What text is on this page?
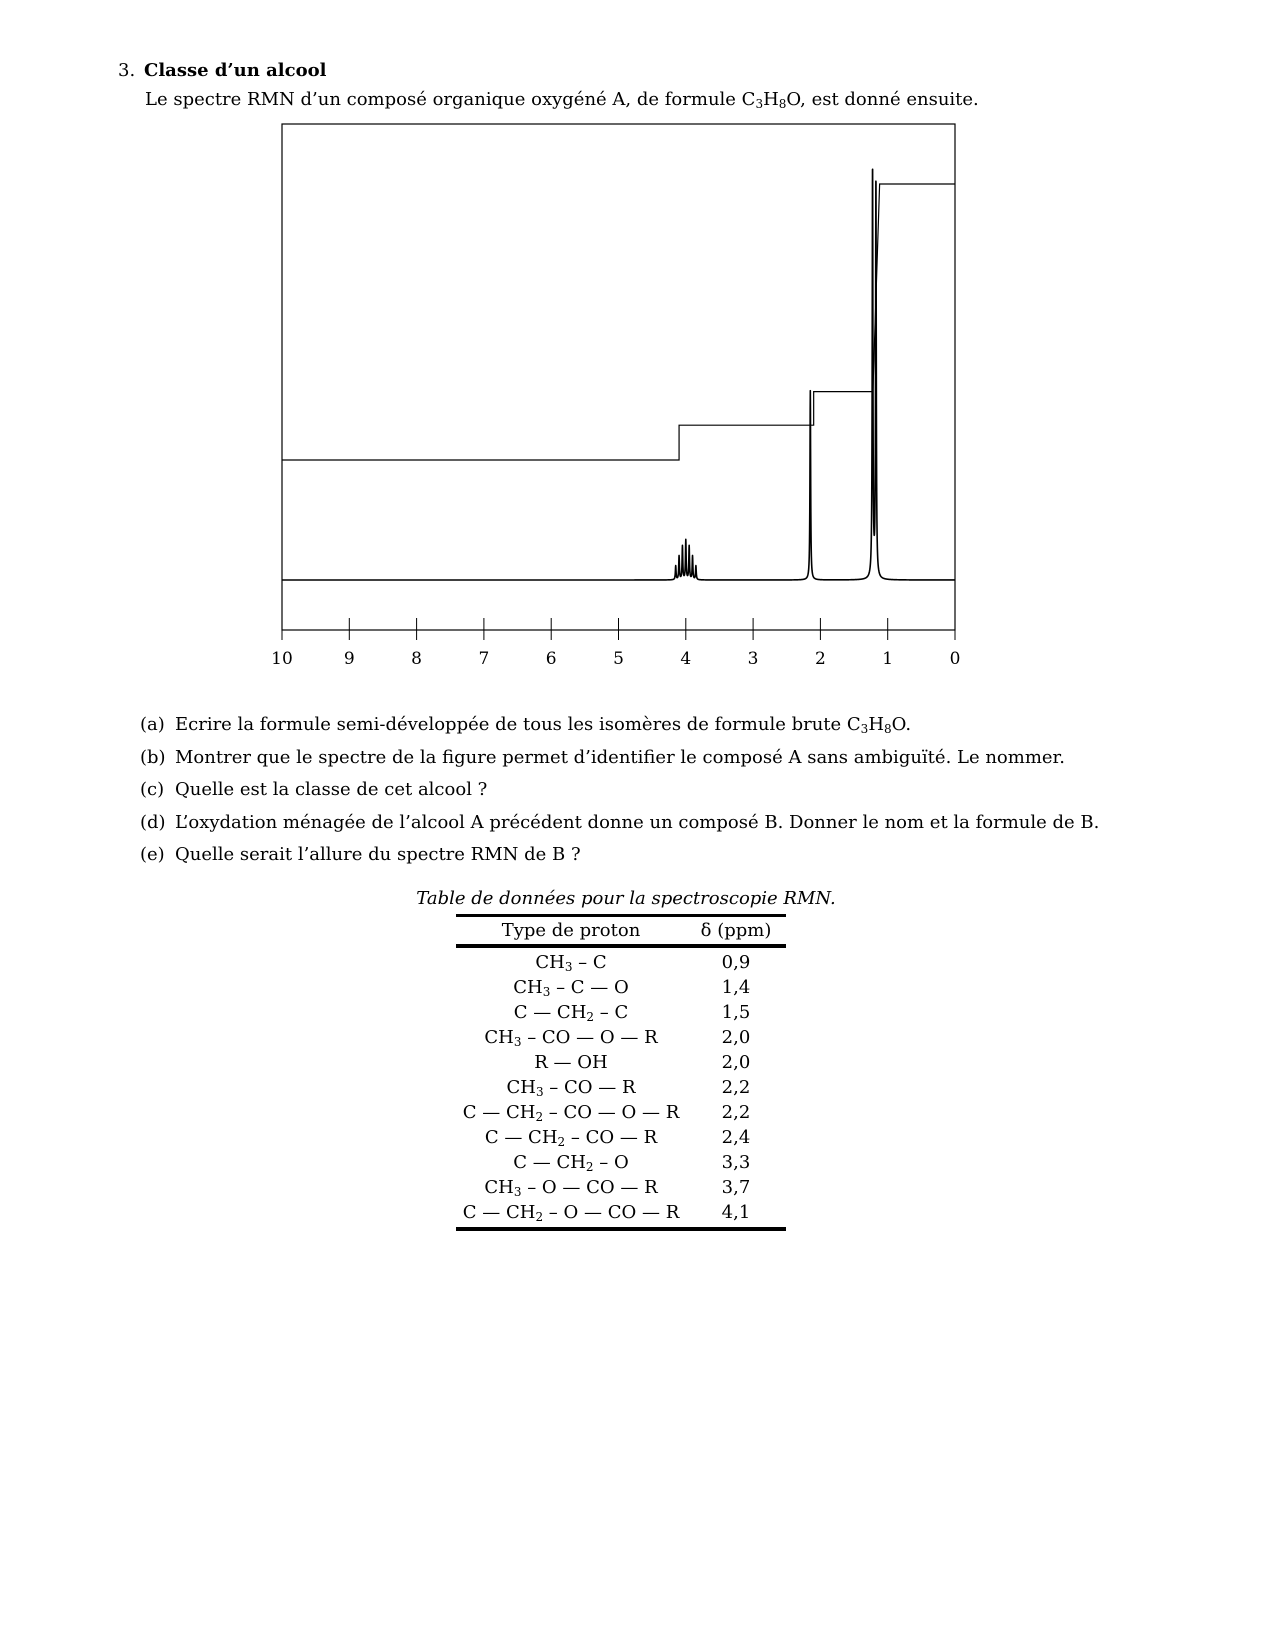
3. Classe d’un alcool
Le spectre RMN d’un composé organique oxygéné A, de formule $C_3H_8O$, est donné ensuite.
10	9	8	7	6	5	4	3	2	1	0
(a) Ecrire la formule semi-développée de tous les isomères de formule brute $C_3H_8O$.
(b) Montrer que le spectre de la figure permet d’identifier le composé A sans ambiguïté. Le nommer.
(c) Quelle est la classe de cet alcool ?
(d) L’oxydation ménagée de l’alcool A précédent donne un composé B. Donner le nom et la formule de B.
(e) Quelle serait l’allure du spectre RMN de B ?
Table de données pour la spectroscopie RMN.
Type de proton	δ (ppm)
$CH_3$ – C	0,9
$CH_3$ – C — O	1,4
C — $CH_2$ – C	1,5
$CH_3$ – CO — O — R	2,0
R — OH	2,0
$CH_3$ – CO — R	2,2
C — $CH_2$ – CO — O — R	2,2
C — $CH_2$ – CO — R	2,4
C — $CH_2$ – O	3,3
$CH_3$ – O — CO — R	3,7
C — $CH_2$ – O — CO — R	4,1
